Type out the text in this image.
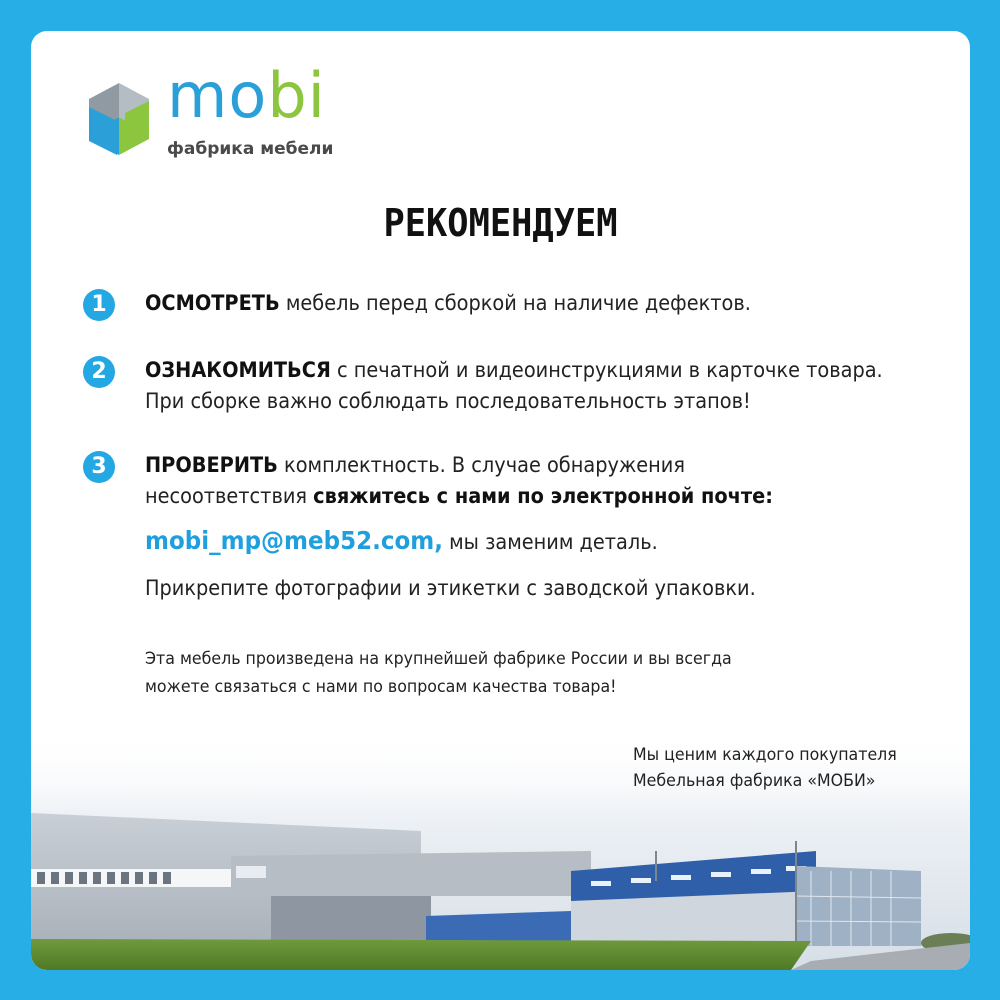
mobi
фабрика мебели
РЕКОМЕНДУЕМ
1	ОСМОТРЕТЬ мебель перед сборкой на наличие дефектов.
2	ОЗНАКОМИТЬСЯ с печатной и видеоинструкциями в карточке товара.
При сборке важно соблюдать последовательность этапов!
3	ПРОВЕРИТЬ комплектность. В случае обнаружения
несоответствия свяжитесь с нами по электронной почте:
mobi_mp@meb52.com, мы заменим деталь.
Прикрепите фотографии и этикетки с заводской упаковки.
Эта мебель произведена на крупнейшей фабрике России и вы всегда
можете связаться с нами по вопросам качества товара!
Мы ценим каждого покупателя
Мебельная фабрика «МОБИ»
